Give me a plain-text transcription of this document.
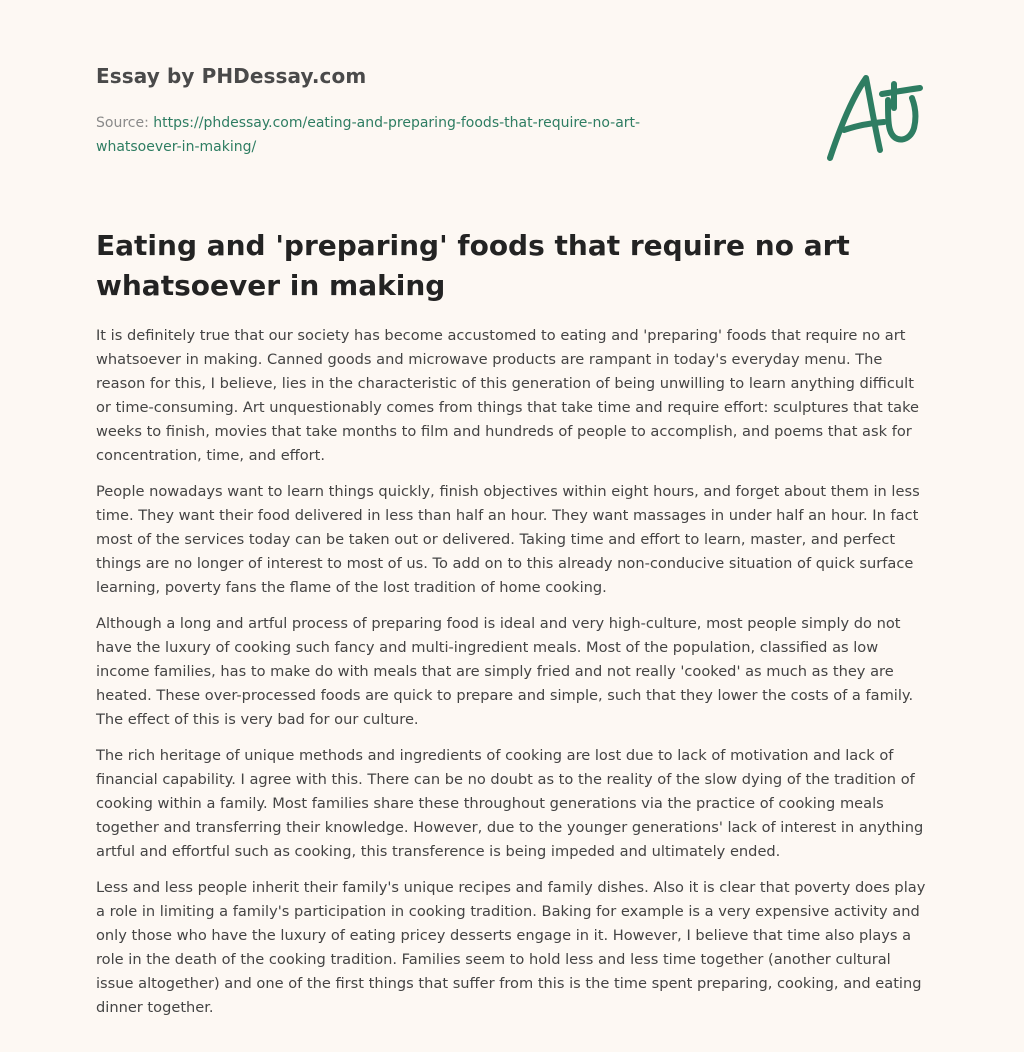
Essay by PHDessay.com
Source: https://phdessay.com/eating-and-preparing-foods-that-require-no-art-whatsoever-in-making/
Eating and 'preparing' foods that require no art whatsoever in making

It is definitely true that our society has become accustomed to eating and 'preparing' foods that require no art whatsoever in making. Canned goods and microwave products are rampant in today's everyday menu. The reason for this, I believe, lies in the characteristic of this generation of being unwilling to learn anything difficult or time-consuming. Art unquestionably comes from things that take time and require effort: sculptures that take weeks to finish, movies that take months to film and hundreds of people to accomplish, and poems that ask for concentration, time, and effort.

People nowadays want to learn things quickly, finish objectives within eight hours, and forget about them in less time. They want their food delivered in less than half an hour. They want massages in under half an hour. In fact most of the services today can be taken out or delivered. Taking time and effort to learn, master, and perfect things are no longer of interest to most of us. To add on to this already non-conducive situation of quick surface learning, poverty fans the flame of the lost tradition of home cooking.

Although a long and artful process of preparing food is ideal and very high-culture, most people simply do not have the luxury of cooking such fancy and multi-ingredient meals. Most of the population, classified as low income families, has to make do with meals that are simply fried and not really 'cooked' as much as they are heated. These over-processed foods are quick to prepare and simple, such that they lower the costs of a family. The effect of this is very bad for our culture.

The rich heritage of unique methods and ingredients of cooking are lost due to lack of motivation and lack of financial capability. I agree with this. There can be no doubt as to the reality of the slow dying of the tradition of cooking within a family. Most families share these throughout generations via the practice of cooking meals together and transferring their knowledge. However, due to the younger generations' lack of interest in anything artful and effortful such as cooking, this transference is being impeded and ultimately ended.

Less and less people inherit their family's unique recipes and family dishes. Also it is clear that poverty does play a role in limiting a family's participation in cooking tradition. Baking for example is a very expensive activity and only those who have the luxury of eating pricey desserts engage in it. However, I believe that time also plays a role in the death of the cooking tradition. Families seem to hold less and less time together (another cultural issue altogether) and one of the first things that suffer from this is the time spent preparing, cooking, and eating dinner together.
